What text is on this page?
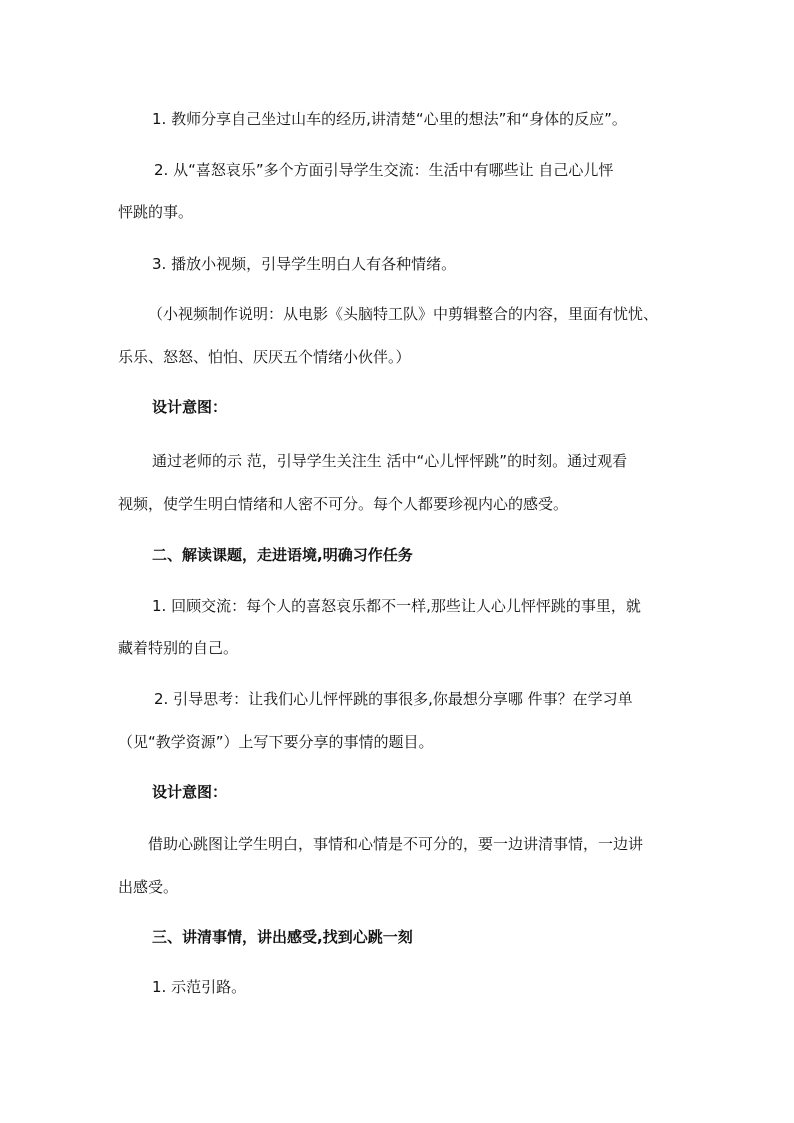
1. 教师分享自己坐过山车的经历,讲清楚“心里的想法”和“身体的反应”。
2. 从“喜怒哀乐”多个方面引导学生交流：生活中有哪些让 自己心儿怦
怦跳的事。
3. 播放小视频，引导学生明白人有各种情绪。
（小视频制作说明：从电影《头脑特工队》中剪辑整合的内容，里面有忧忧、
乐乐、怒怒、怕怕、厌厌五个情绪小伙伴。）
设计意图：
通过老师的示 范，引导学生关注生 活中“心儿怦怦跳”的时刻。通过观看
视频，使学生明白情绪和人密不可分。每个人都要珍视内心的感受。
二、解读课题，走进语境,明确习作任务
1. 回顾交流：每个人的喜怒哀乐都不一样,那些让人心儿怦怦跳的事里，就
藏着特别的自己。
2. 引导思考：让我们心儿怦怦跳的事很多,你最想分享哪 件事？在学习单
（见“教学资源”）上写下要分享的事情的题目。
设计意图：
借助心跳图让学生明白，事情和心情是不可分的，要一边讲清事情，一边讲
出感受。
三、讲清事情，讲出感受,找到心跳一刻
1. 示范引路。
